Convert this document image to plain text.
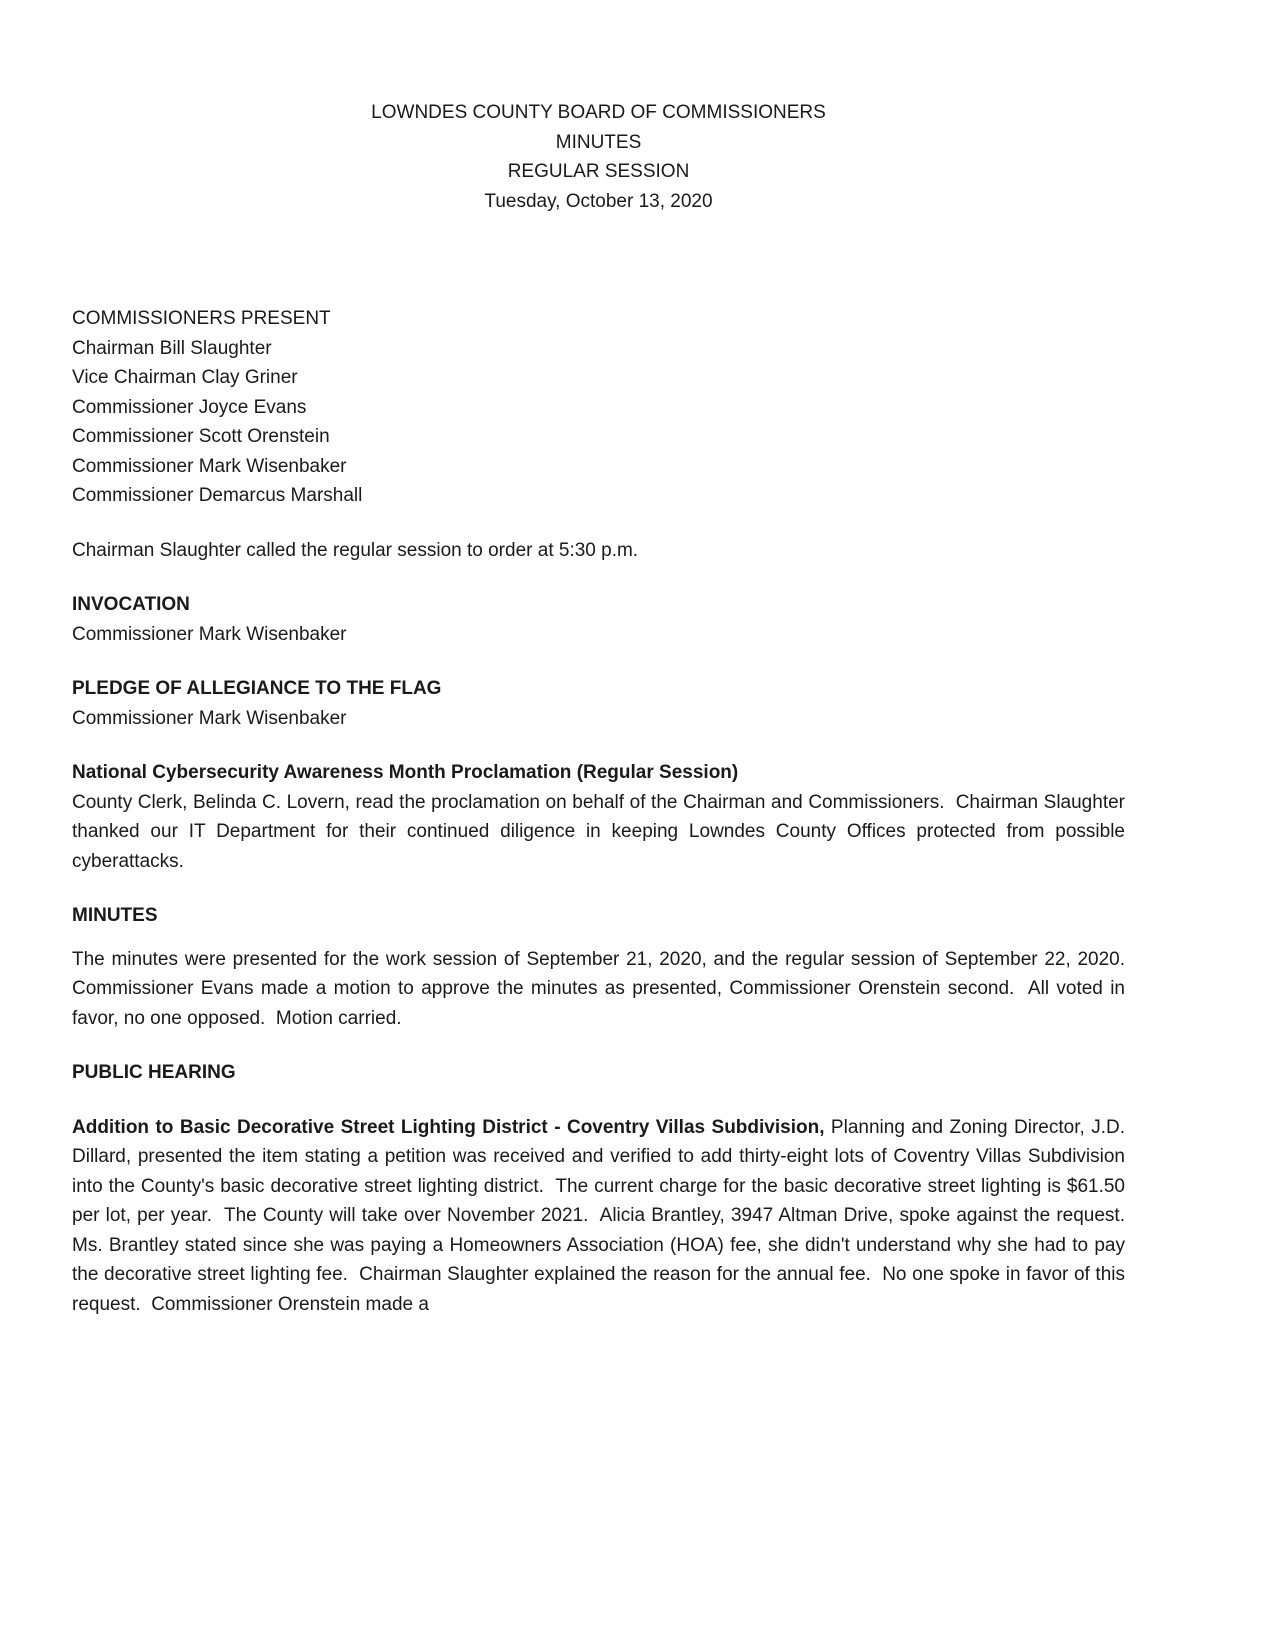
LOWNDES COUNTY BOARD OF COMMISSIONERS
MINUTES
REGULAR SESSION
Tuesday, October 13, 2020
COMMISSIONERS PRESENT
Chairman Bill Slaughter
Vice Chairman Clay Griner
Commissioner Joyce Evans
Commissioner Scott Orenstein
Commissioner Mark Wisenbaker
Commissioner Demarcus Marshall

Chairman Slaughter called the regular session to order at 5:30 p.m.

INVOCATION
Commissioner Mark Wisenbaker
PLEDGE OF ALLEGIANCE TO THE FLAG
Commissioner Mark Wisenbaker
National Cybersecurity Awareness Month Proclamation (Regular Session)

County Clerk, Belinda C. Lovern, read the proclamation on behalf of the Chairman and Commissioners.  Chairman Slaughter thanked our IT Department for their continued diligence in keeping Lowndes County Offices protected from possible cyberattacks.

MINUTES

The minutes were presented for the work session of September 21, 2020, and the regular session of September 22, 2020.  Commissioner Evans made a motion to approve the minutes as presented, Commissioner Orenstein second.  All voted in favor, no one opposed.  Motion carried.

PUBLIC HEARING

Addition to Basic Decorative Street Lighting District - Coventry Villas Subdivision, Planning and Zoning Director, J.D. Dillard, presented the item stating a petition was received and verified to add thirty-eight lots of Coventry Villas Subdivision into the County's basic decorative street lighting district.  The current charge for the basic decorative street lighting is $61.50 per lot, per year.  The County will take over November 2021.  Alicia Brantley, 3947 Altman Drive, spoke against the request.  Ms. Brantley stated since she was paying a Homeowners Association (HOA) fee, she didn't understand why she had to pay the decorative street lighting fee.  Chairman Slaughter explained the reason for the annual fee.  No one spoke in favor of this request.  Commissioner Orenstein made a
